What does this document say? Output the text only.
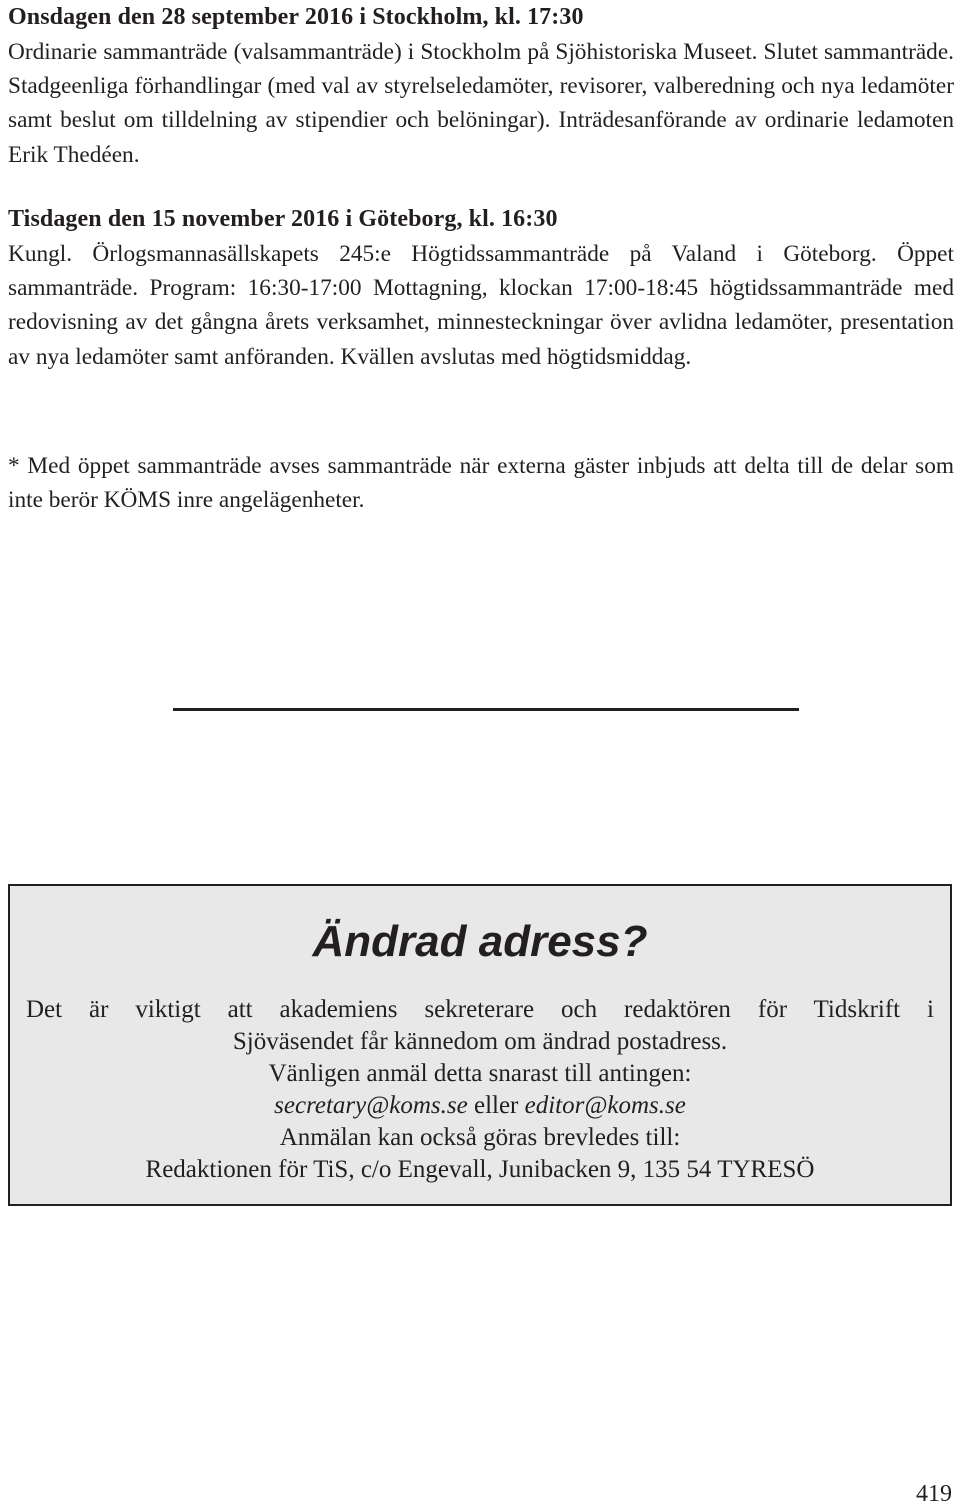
Onsdagen den 28 september 2016 i Stockholm, kl. 17:30

Ordinarie sammanträde (valsammanträde) i Stockholm på Sjöhistoriska Museet. Slutet sammanträde. Stadgeenliga förhandlingar (med val av styrelseledamöter, revisorer, valberedning och nya ledamöter samt beslut om tilldelning av stipendier och belöningar). Inträdesanförande av ordinarie ledamoten Erik Thedéen.

Tisdagen den 15 november 2016 i Göteborg, kl. 16:30

Kungl. Örlogsmannasällskapets 245:e Högtidssammanträde på Valand i Göteborg. Öppet sammanträde. Program: 16:30-17:00 Mottagning, klockan 17:00-18:45 högtidssammanträde med redovisning av det gångna årets verksamhet, minnesteckningar över avlidna ledamöter, presentation av nya ledamöter samt anföranden. Kvällen avslutas med högtidsmiddag.

* Med öppet sammanträde avses sammanträde när externa gäster inbjuds att delta till de delar som inte berör KÖMS inre angelägenheter.

Ändrad adress?
Det är viktigt att akademiens sekreterare och redaktören för Tidskrift i
Sjöväsendet får kännedom om ändrad postadress.
Vänligen anmäl detta snarast till antingen:
secretary@koms.se eller editor@koms.se
Anmälan kan också göras brevledes till:
Redaktionen för TiS, c/o Engevall, Junibacken 9, 135 54 TYRESÖ
419
